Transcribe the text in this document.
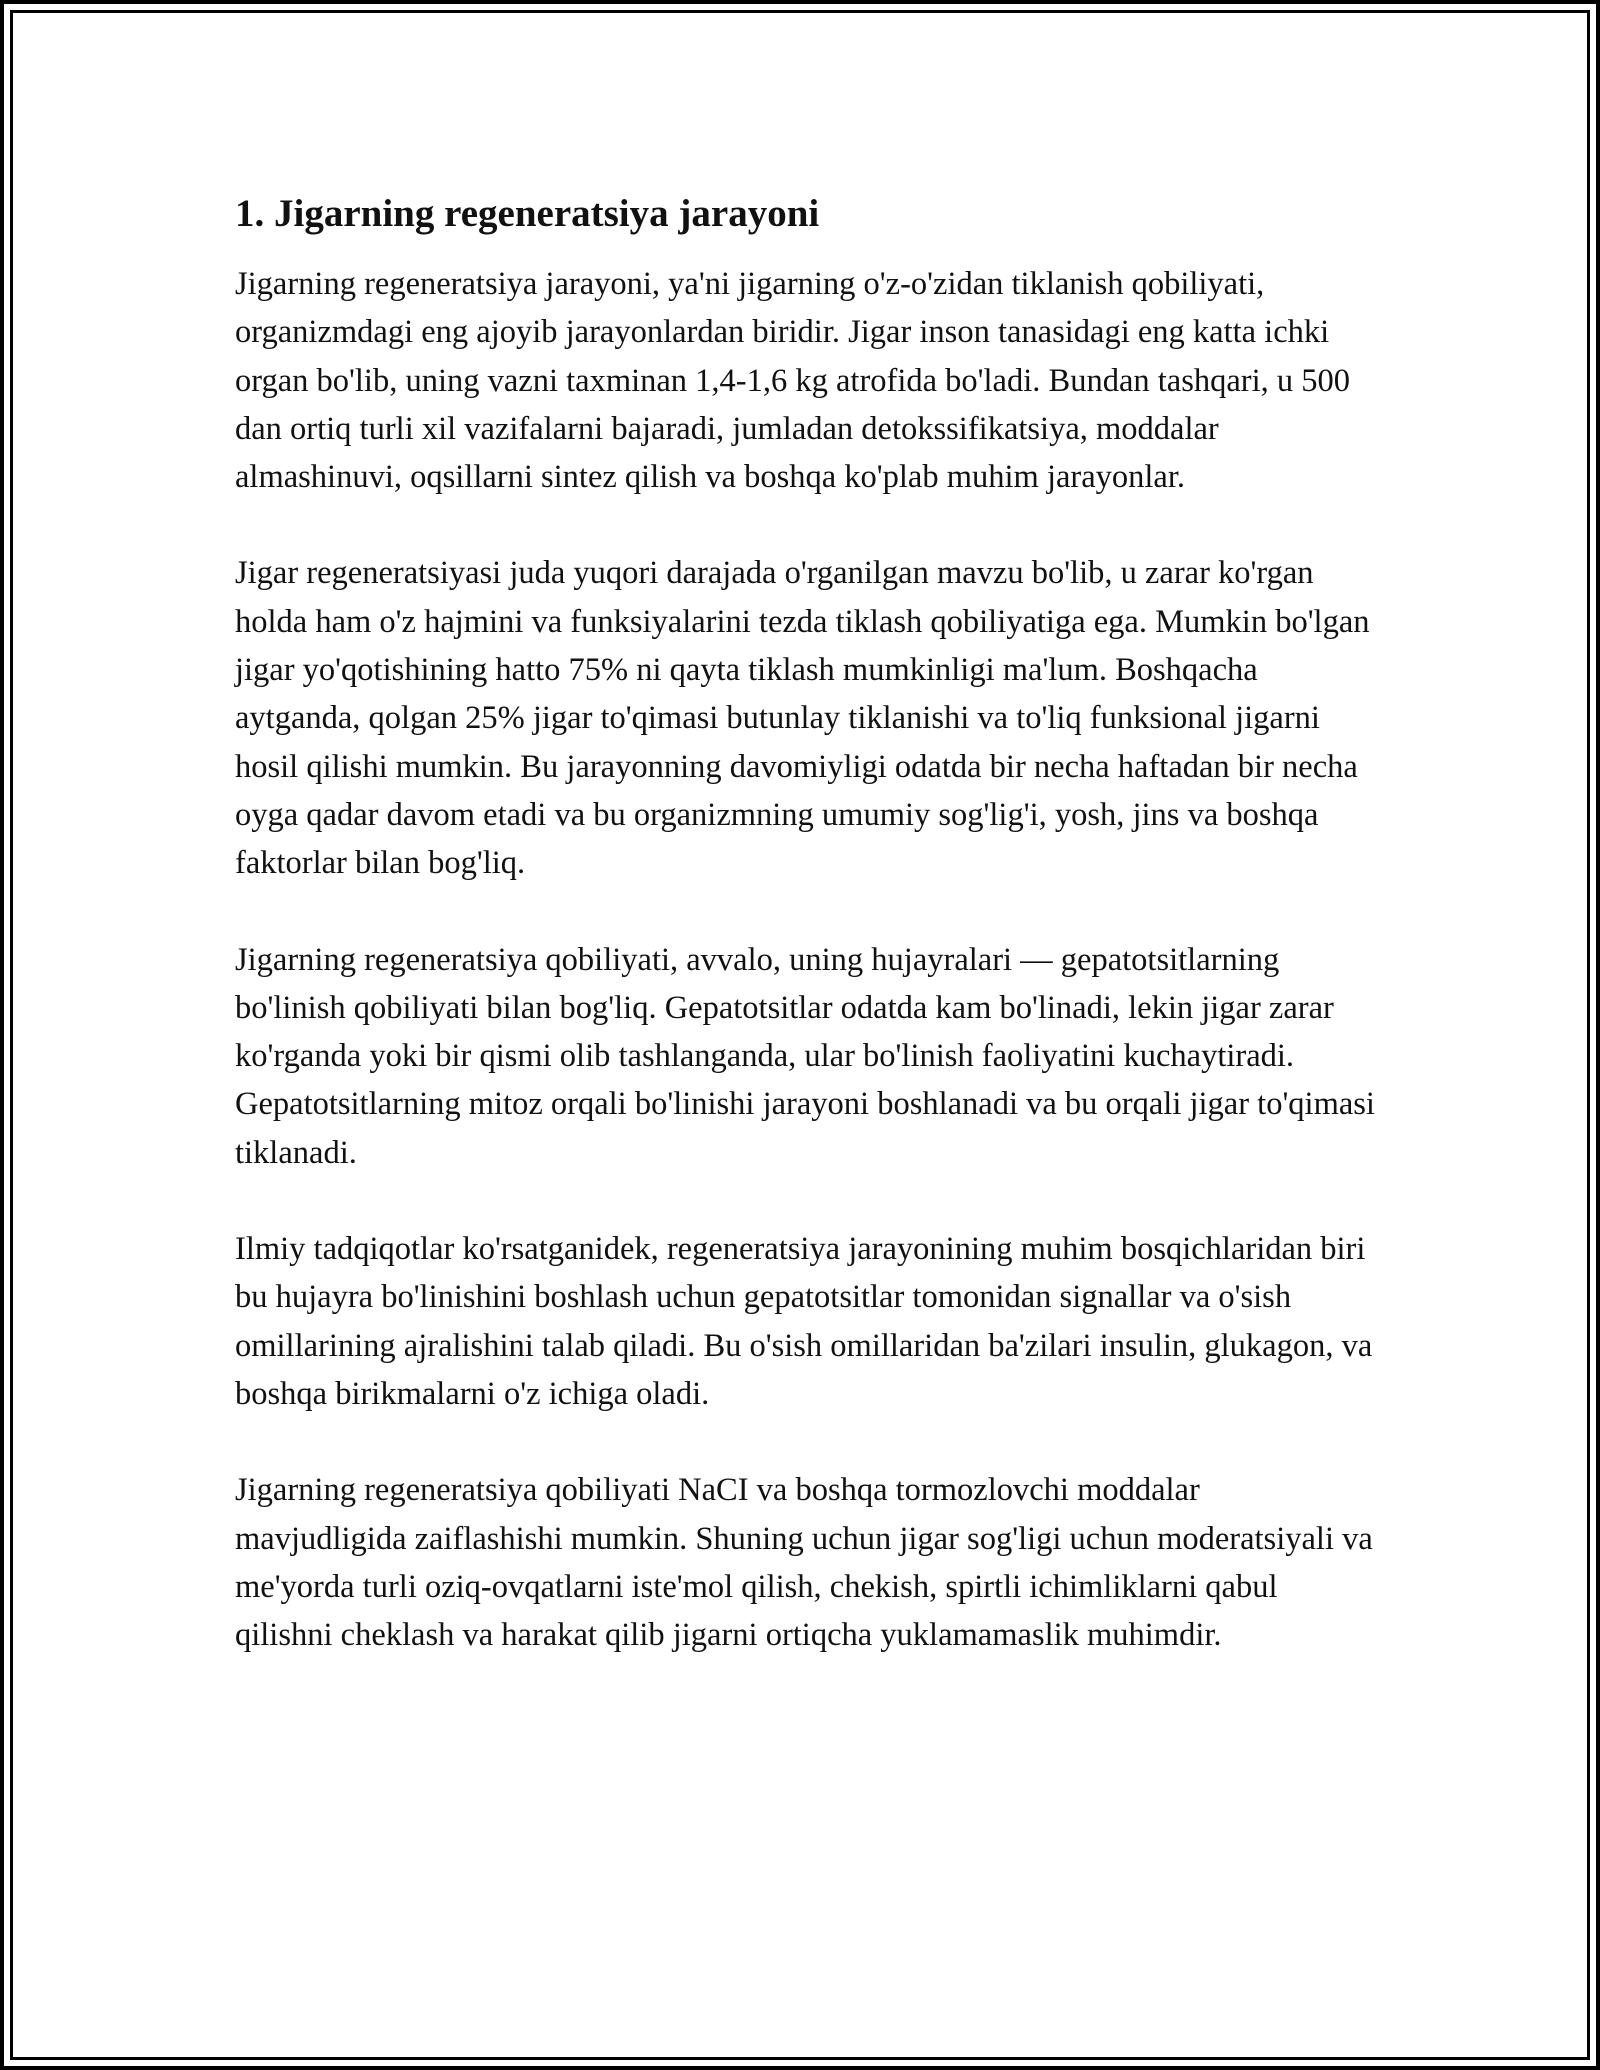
1. Jigarning regeneratsiya jarayoni

Jigarning regeneratsiya jarayoni, ya'ni jigarning o'z-o'zidan tiklanish qobiliyati, organizmdagi eng ajoyib jarayonlardan biridir. Jigar inson tanasidagi eng katta ichki organ bo'lib, uning vazni taxminan 1,4-1,6 kg atrofida bo'ladi. Bundan tashqari, u 500 dan ortiq turli xil vazifalarni bajaradi, jumladan detokssifikatsiya, moddalar almashinuvi, oqsillarni sintez qilish va boshqa ko'plab muhim jarayonlar.

Jigar regeneratsiyasi juda yuqori darajada o'rganilgan mavzu bo'lib, u zarar ko'rgan holda ham o'z hajmini va funksiyalarini tezda tiklash qobiliyatiga ega. Mumkin bo'lgan jigar yo'qotishining hatto 75% ni qayta tiklash mumkinligi ma'lum. Boshqacha aytganda, qolgan 25% jigar to'qimasi butunlay tiklanishi va to'liq funksional jigarni hosil qilishi mumkin. Bu jarayonning davomiyligi odatda bir necha haftadan bir necha oyga qadar davom etadi va bu organizmning umumiy sog'lig'i, yosh, jins va boshqa faktorlar bilan bog'liq.

Jigarning regeneratsiya qobiliyati, avvalo, uning hujayralari — gepatotsitlarning bo'linish qobiliyati bilan bog'liq. Gepatotsitlar odatda kam bo'linadi, lekin jigar zarar ko'rganda yoki bir qismi olib tashlanganda, ular bo'linish faoliyatini kuchaytiradi. Gepatotsitlarning mitoz orqali bo'linishi jarayoni boshlanadi va bu orqali jigar to'qimasi tiklanadi.

Ilmiy tadqiqotlar ko'rsatganidek, regeneratsiya jarayonining muhim bosqichlaridan biri bu hujayra bo'linishini boshlash uchun gepatotsitlar tomonidan signallar va o'sish omillarining ajralishini talab qiladi. Bu o'sish omillaridan ba'zilari insulin, glukagon, va boshqa birikmalarni o'z ichiga oladi.

Jigarning regeneratsiya qobiliyati NaCI va boshqa tormozlovchi moddalar mavjudligida zaiflashishi mumkin. Shuning uchun jigar sog'ligi uchun moderatsiyali va me'yorda turli oziq-ovqatlarni iste'mol qilish, chekish, spirtli ichimliklarni qabul qilishni cheklash va harakat qilib jigarni ortiqcha yuklamamaslik muhimdir.
